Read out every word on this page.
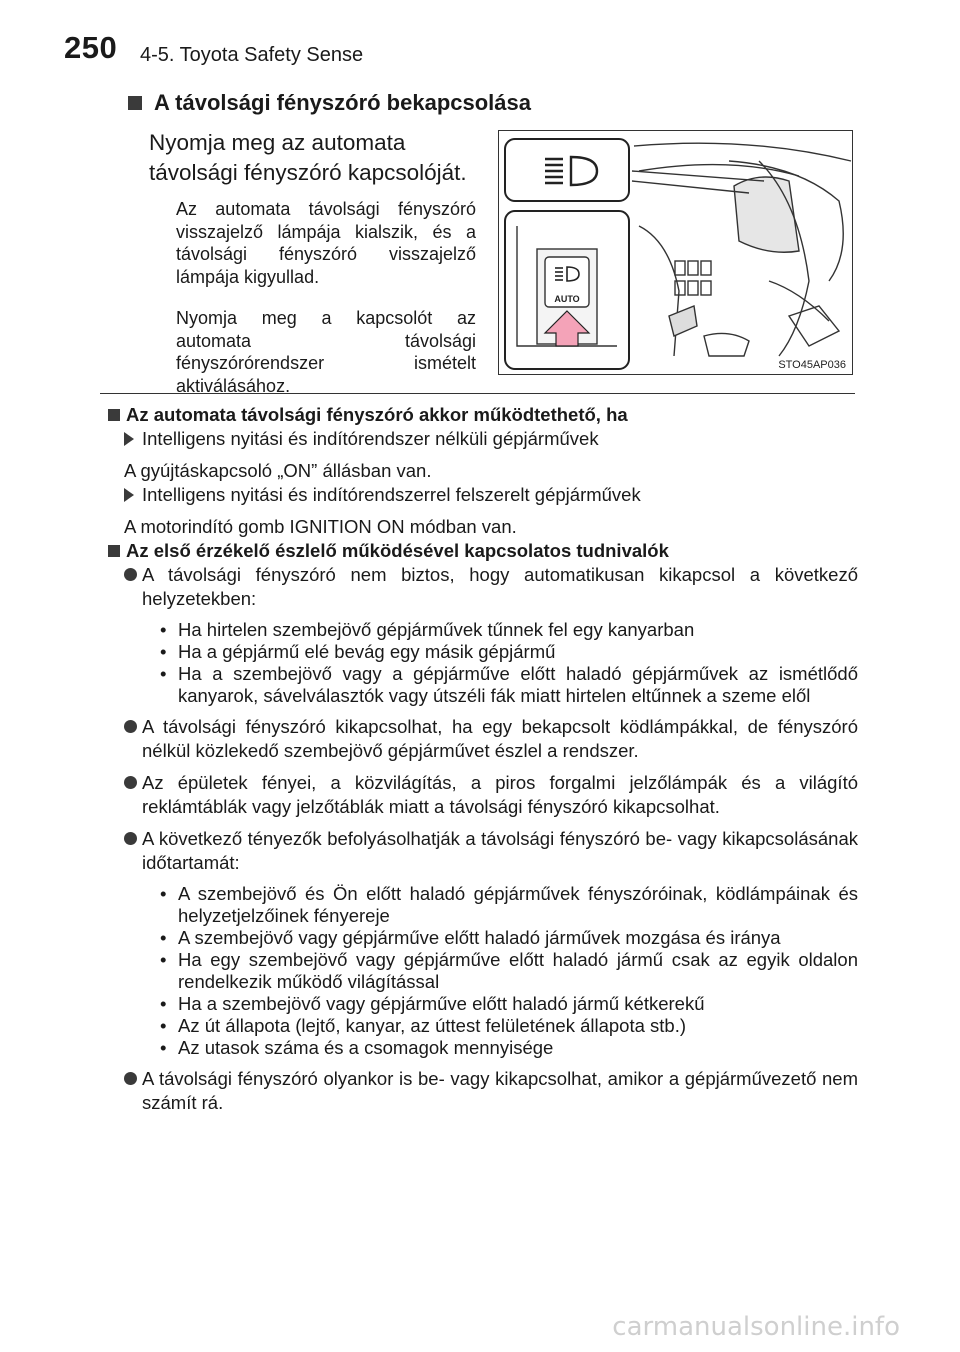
250 4-5. Toyota Safety Sense
A távolsági fényszóró bekapcsolása
Nyomja meg az automata távolsági fényszóró kapcsolóját.
Az automata távolsági fényszóró visszajelző lámpája kialszik, és a távolsági fényszóró visszajelző lámpája kigyullad.
Nyomja meg a kapcsolót az automata távolsági fényszórórendszer ismételt aktiválásához.
AUTO
STO45AP036

Az automata távolsági fényszóró akkor működtethető, ha

Intelligens nyitási és indítórendszer nélküli gépjárművek

A gyújtáskapcsoló „ON” állásban van.

Intelligens nyitási és indítórendszerrel felszerelt gépjárművek

A motorindító gomb IGNITION ON módban van.

Az első érzékelő észlelő működésével kapcsolatos tudnivalók

A távolsági fényszóró nem biztos, hogy automatikusan kikapcsol a következő helyzetekben:
• Ha hirtelen szembejövő gépjárművek tűnnek fel egy kanyarban
• Ha a gépjármű elé bevág egy másik gépjármű
• Ha a szembejövő vagy a gépjárműve előtt haladó gépjárművek az ismétlődő kanyarok, sávelválasztók vagy útszéli fák miatt hirtelen eltűnnek a szeme elől
A távolsági fényszóró kikapcsolhat, ha egy bekapcsolt ködlámpákkal, de fényszóró nélkül közlekedő szembejövő gépjárművet észlel a rendszer.
Az épületek fényei, a közvilágítás, a piros forgalmi jelzőlámpák és a világító reklámtáblák vagy jelzőtáblák miatt a távolsági fényszóró kikapcsolhat.
A következő tényezők befolyásolhatják a távolsági fényszóró be- vagy kikapcsolásának időtartamát:
• A szembejövő és Ön előtt haladó gépjárművek fényszóróinak, ködlámpáinak és helyzetjelzőinek fényereje
• A szembejövő vagy gépjárműve előtt haladó járművek mozgása és iránya
• Ha egy szembejövő vagy gépjárműve előtt haladó jármű csak az egyik oldalon rendelkezik működő világítással
• Ha a szembejövő vagy gépjárműve előtt haladó jármű kétkerekű
• Az út állapota (lejtő, kanyar, az úttest felületének állapota stb.)
• Az utasok száma és a csomagok mennyisége
A távolsági fényszóró olyankor is be- vagy kikapcsolhat, amikor a gépjárművezető nem számít rá.
carmanualsonline.info
